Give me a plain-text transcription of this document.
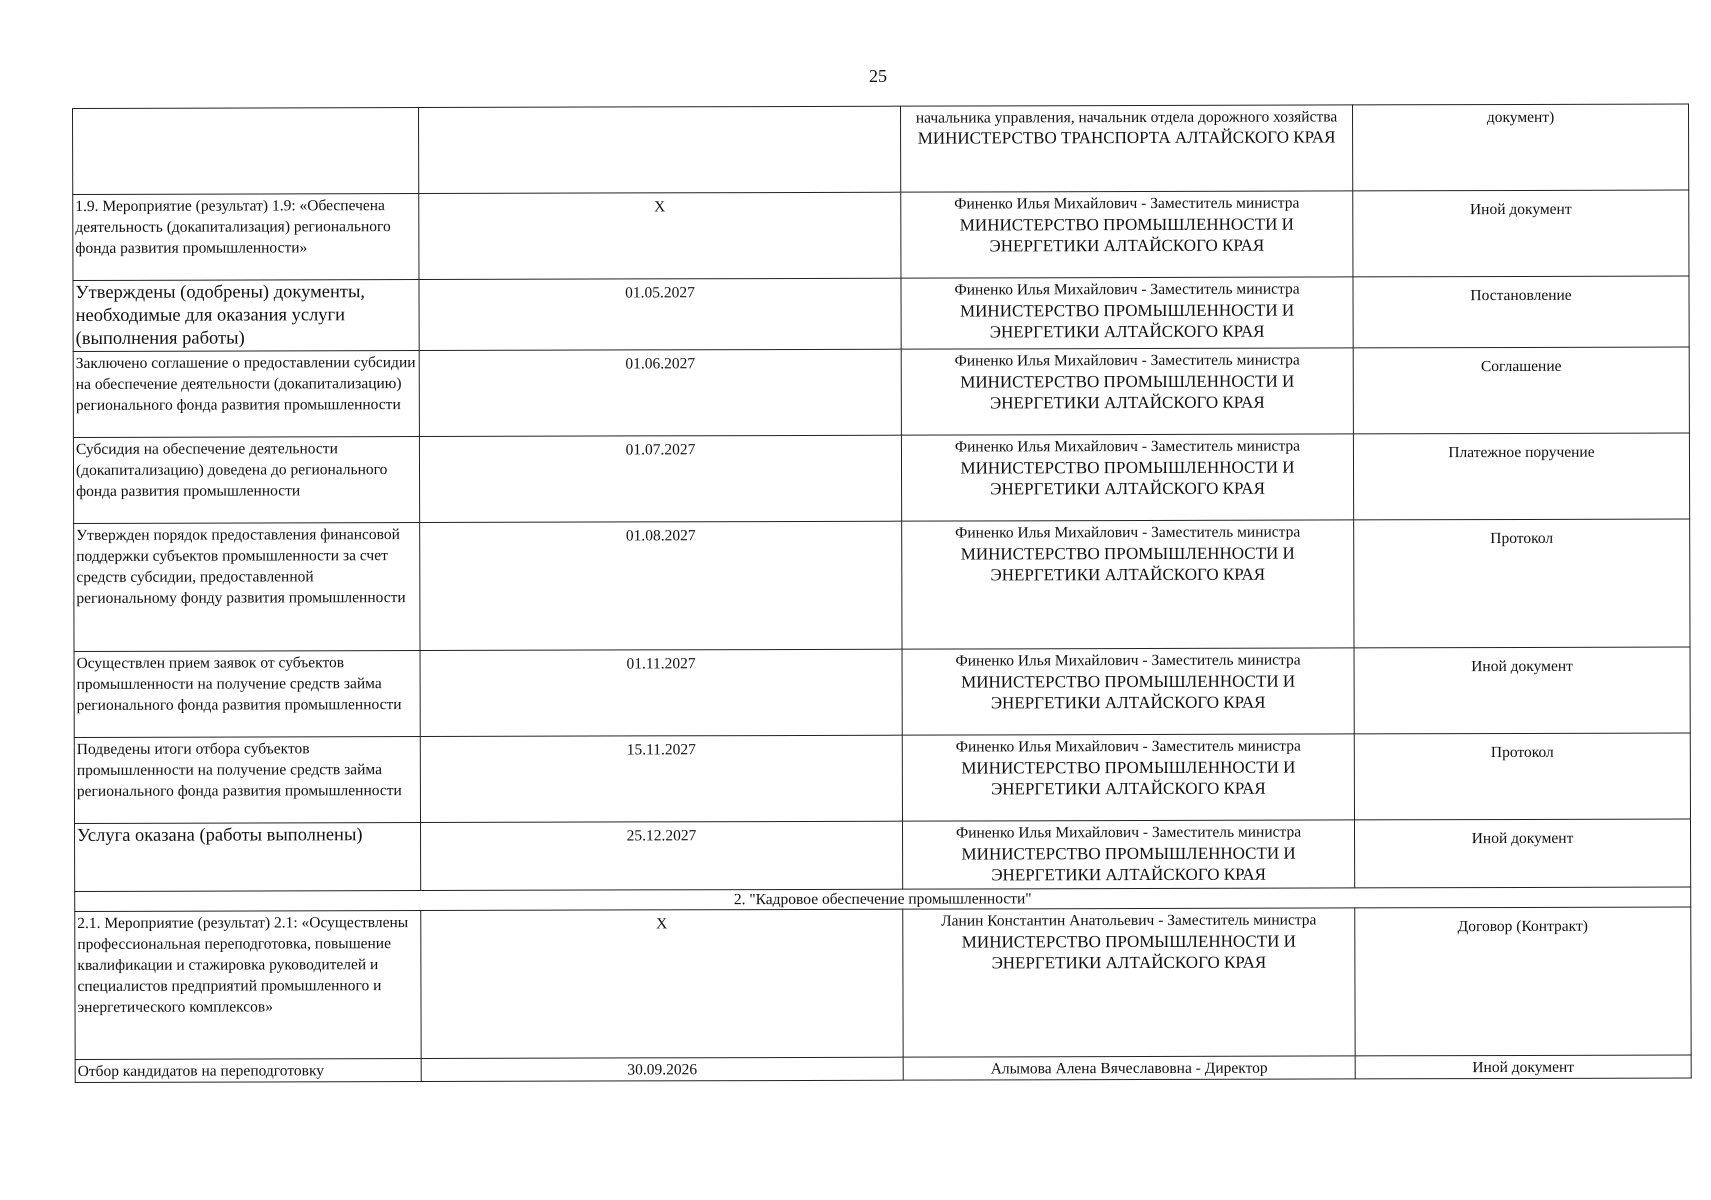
25

		начальника управления, начальник отдела дорожного хозяйства
МИНИСТЕРСТВО ТРАНСПОРТА АЛТАЙСКОГО КРАЯ	документ)
1.9. Мероприятие (результат) 1.9: «Обеспечена деятельность (докапитализация) регионального фонда развития промышленности»	X	Финенко Илья Михайлович - Заместитель министра
МИНИСТЕРСТВО ПРОМЫШЛЕННОСТИ И ЭНЕРГЕТИКИ АЛТАЙСКОГО КРАЯ	Иной документ
Утверждены (одобрены) документы, необходимые для оказания услуги (выполнения работы)	01.05.2027	Финенко Илья Михайлович - Заместитель министра
МИНИСТЕРСТВО ПРОМЫШЛЕННОСТИ И ЭНЕРГЕТИКИ АЛТАЙСКОГО КРАЯ	Постановление
Заключено соглашение о предоставлении субсидии на обеспечение деятельности (докапитализацию) регионального фонда развития промышленности	01.06.2027	Финенко Илья Михайлович - Заместитель министра
МИНИСТЕРСТВО ПРОМЫШЛЕННОСТИ И ЭНЕРГЕТИКИ АЛТАЙСКОГО КРАЯ	Соглашение
Субсидия на обеспечение деятельности (докапитализацию) доведена до регионального фонда развития промышленности	01.07.2027	Финенко Илья Михайлович - Заместитель министра
МИНИСТЕРСТВО ПРОМЫШЛЕННОСТИ И ЭНЕРГЕТИКИ АЛТАЙСКОГО КРАЯ	Платежное поручение
Утвержден порядок предоставления финансовой поддержки субъектов промышленности за счет средств субсидии, предоставленной региональному фонду развития промышленности	01.08.2027	Финенко Илья Михайлович - Заместитель министра
МИНИСТЕРСТВО ПРОМЫШЛЕННОСТИ И ЭНЕРГЕТИКИ АЛТАЙСКОГО КРАЯ	Протокол
Осуществлен прием заявок от субъектов промышленности на получение средств займа регионального фонда развития промышленности	01.11.2027	Финенко Илья Михайлович - Заместитель министра
МИНИСТЕРСТВО ПРОМЫШЛЕННОСТИ И ЭНЕРГЕТИКИ АЛТАЙСКОГО КРАЯ	Иной документ
Подведены итоги отбора субъектов промышленности на получение средств займа регионального фонда развития промышленности	15.11.2027	Финенко Илья Михайлович - Заместитель министра
МИНИСТЕРСТВО ПРОМЫШЛЕННОСТИ И ЭНЕРГЕТИКИ АЛТАЙСКОГО КРАЯ	Протокол
Услуга оказана (работы выполнены)	25.12.2027	Финенко Илья Михайлович - Заместитель министра
МИНИСТЕРСТВО ПРОМЫШЛЕННОСТИ И ЭНЕРГЕТИКИ АЛТАЙСКОГО КРАЯ	Иной документ
2. "Кадровое обеспечение промышленности"			
2.1. Мероприятие (результат) 2.1: «Осуществлены профессиональная переподготовка, повышение квалификации и стажировка руководителей и специалистов предприятий промышленного и энергетического комплексов»	X	Ланин Константин Анатольевич - Заместитель министра
МИНИСТЕРСТВО ПРОМЫШЛЕННОСТИ И ЭНЕРГЕТИКИ АЛТАЙСКОГО КРАЯ	Договор (Контракт)
Отбор кандидатов на переподготовку	30.09.2026	Алымова Алена Вячеславовна - Директор	Иной документ
